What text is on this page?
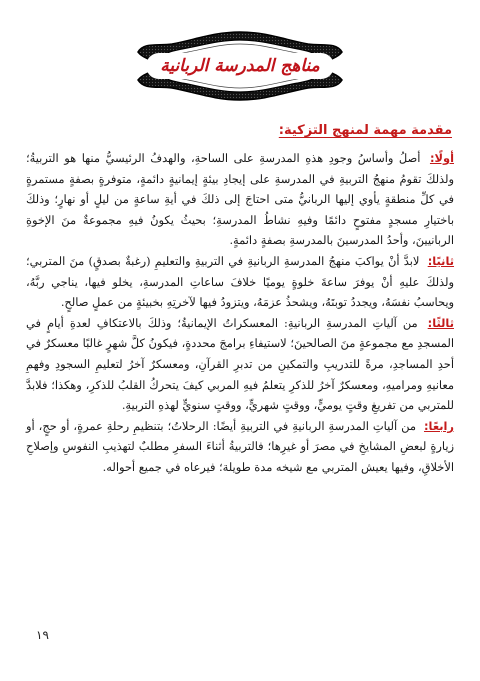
مناهج المدرسة الربانية
مقدمة مهمة لمنهج التزكية:

أولًا: أصلُ وأساسُ وجودِ هذهِ المدرسةِ على الساحةِ، والهدفُ الرئيسيُّ منها هو التربيةُ؛ ولذلكَ تقومُ منهجُ التربيةِ في المدرسةِ على إيجادِ بيئةٍ إيمانيةٍ دائمةٍ، متوفرةٍ بصفةٍ مستمرةٍ في كلِّ منطقةٍ يأوي إليها الربانيُّ متى احتاجَ إلى ذلكَ في أيةِ ساعةٍ من ليلٍ أو نهارٍ؛ وذلكَ باختيارِ مسجدٍ مفتوحٍ دائمًا وفيهِ نشاطُ المدرسةِ؛ بحيثُ يكونُ فيهِ مجموعةٌ منَ الإخوةِ الربانيينَ، وأحدُ المدرسينَ بالمدرسةِ بصفةٍ دائمةٍ.

ثانيًا: لابدَّ أنْ يواكبَ منهجُ المدرسةِ الربانيةِ في التربيةِ والتعليمِ (رغبةٌ بصدقٍ) منَ المتربي؛ ولذلكَ عليهِ أنْ يوفرَ ساعةَ خلوةٍ يوميًا خلافَ ساعاتِ المدرسةِ، يخلو فيها، يناجي ربَّهُ، ويحاسبُ نفسَهُ، ويجددُ توبتَهُ، ويشحذُ عزمَهُ، ويتزودُ فيها لآخرتِهِ بخبيئةٍ من عملٍ صالحٍ.

ثالثًا: من آلياتِ المدرسةِ الربانيةِ: المعسكراتُ الإيمانيةُ؛ وذلكَ بالاعتكافِ لعدةِ أيامٍ في المسجدِ مع مجموعةٍ منَ الصالحينَ؛ لاستيفاءِ برامجَ محددةٍ، فيكونُ كلَّ شهرٍ غالبًا معسكرٌ في أحدِ المساجدِ، مرةً للتدريبِ والتمكينِ من تدبرِ القرآنِ، ومعسكرٌ آخرُ لتعليمِ السجودِ وفهمِ معانيهِ ومراميهِ، ومعسكرٌ آخرُ للذكرِ يتعلمُ فيهِ المربي كيفَ يتحركُ القلبُ للذكرِ، وهكذا؛ فلابدَّ للمتربي من تفريغِ وقتٍ يوميٍّ، ووقتٍ شهريٍّ، ووقتٍ سنويٍّ لهذهِ التربيةِ.

رابعًا: من آلياتِ المدرسةِ الربانيةِ في التربيةِ أيضًا: الرحلاتُ؛ بتنظيمِ رحلةِ عمرةٍ، أو حجٍ، أو زيارةٍ لبعضِ المشايخِ في مصرَ أو غيرِها؛ فالتربيةُ أثناءَ السفرِ مطلبٌ لتهذيبِ النفوسِ وإصلاحِ الأخلاقِ، وفيها يعيش المتربي مع شيخه مدة طويلة؛ فيرعاه في جميع أحواله.

١٩
